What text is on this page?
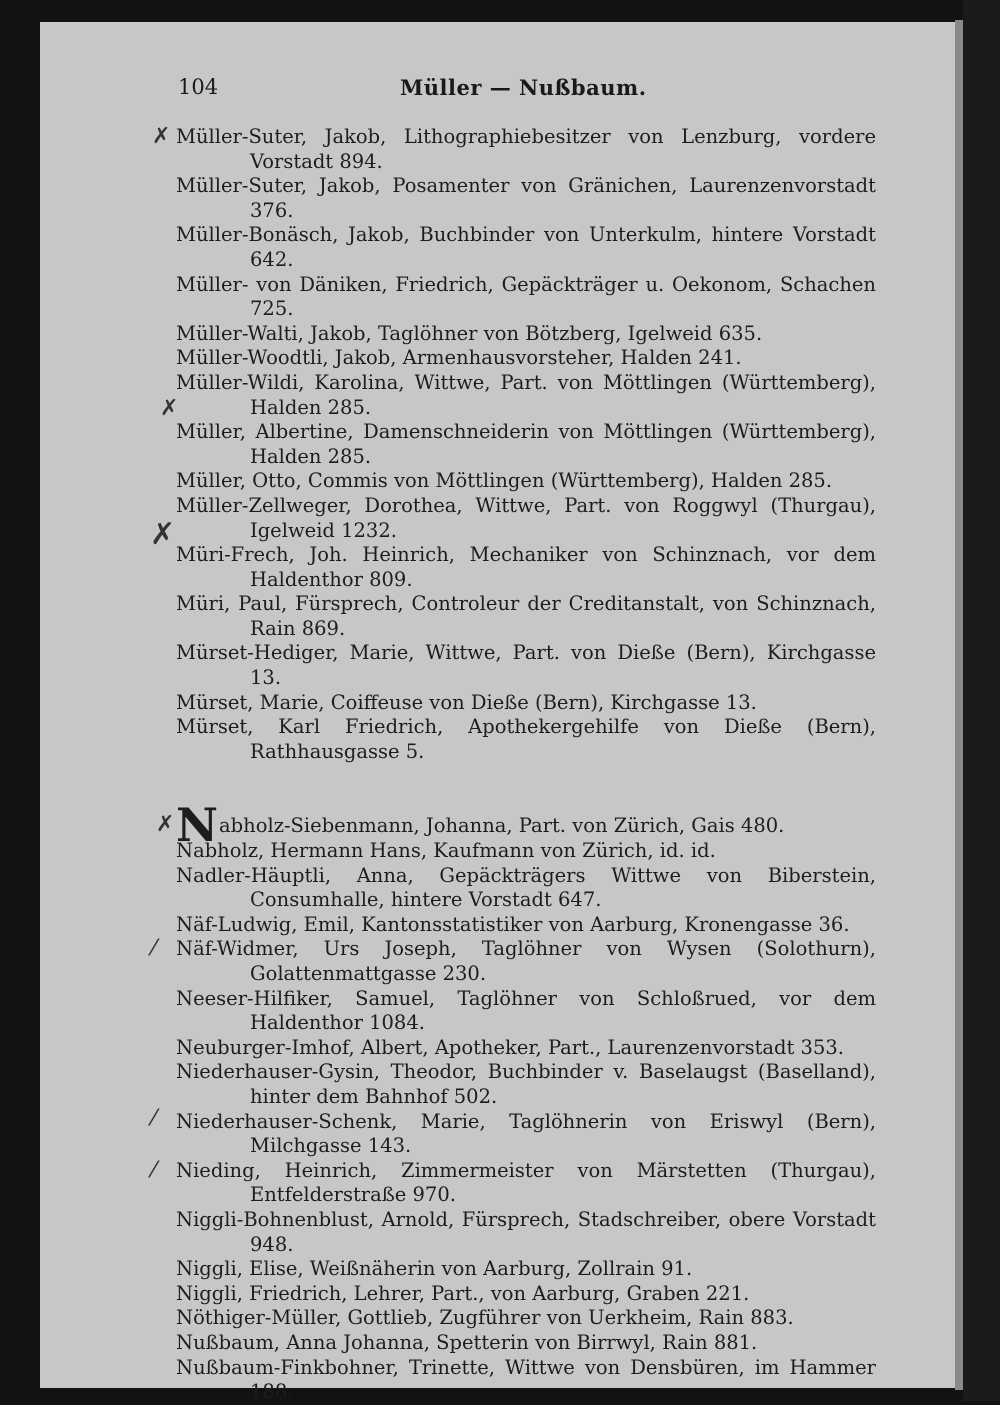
104	Müller — Nußbaum.

Müller-Suter, Jakob, Lithographiebesitzer von Lenzburg, vordere Vorstadt 894.

Müller-Suter, Jakob, Posamenter von Gränichen, Laurenzenvorstadt 376.

Müller-Bonäsch, Jakob, Buchbinder von Unterkulm, hintere Vorstadt 642.

Müller- von Däniken, Friedrich, Gepäckträger u. Oekonom, Schachen 725.

Müller-Walti, Jakob, Taglöhner von Bötzberg, Igelweid 635.

Müller-Woodtli, Jakob, Armenhausvorsteher, Halden 241.

Müller-Wildi, Karolina, Wittwe, Part. von Möttlingen (Württemberg), Halden 285.

Müller, Albertine, Damenschneiderin von Möttlingen (Württemberg), Halden 285.

Müller, Otto, Commis von Möttlingen (Württemberg), Halden 285.

Müller-Zellweger, Dorothea, Wittwe, Part. von Roggwyl (Thurgau), Igelweid 1232.

Müri-Frech, Joh. Heinrich, Mechaniker von Schinznach, vor dem Haldenthor 809.

Müri, Paul, Fürsprech, Controleur der Creditanstalt, von Schinznach, Rain 869.

Mürset-Hediger, Marie, Wittwe, Part. von Dieße (Bern), Kirchgasse 13.

Mürset, Marie, Coiffeuse von Dieße (Bern), Kirchgasse 13.

Mürset, Karl Friedrich, Apothekergehilfe von Dieße (Bern), Rathhausgasse 5.

Nabholz-Siebenmann, Johanna, Part. von Zürich, Gais 480.

Nabholz, Hermann Hans, Kaufmann von Zürich, id. id.

Nadler-Häuptli, Anna, Gepäckträgers Wittwe von Biberstein, Consumhalle, hintere Vorstadt 647.

Näf-Ludwig, Emil, Kantonsstatistiker von Aarburg, Kronengasse 36.

Näf-Widmer, Urs Joseph, Taglöhner von Wysen (Solothurn), Golattenmattgasse 230.

Neeser-Hilfiker, Samuel, Taglöhner von Schloßrued, vor dem Haldenthor 1084.

Neuburger-Imhof, Albert, Apotheker, Part., Laurenzenvorstadt 353.

Niederhauser-Gysin, Theodor, Buchbinder v. Baselaugst (Baselland), hinter dem Bahnhof 502.

Niederhauser-Schenk, Marie, Taglöhnerin von Eriswyl (Bern), Milchgasse 143.

Nieding, Heinrich, Zimmermeister von Märstetten (Thurgau), Entfelderstraße 970.

Niggli-Bohnenblust, Arnold, Fürsprech, Stadschreiber, obere Vorstadt 948.

Niggli, Elise, Weißnäherin von Aarburg, Zollrain 91.

Niggli, Friedrich, Lehrer, Part., von Aarburg, Graben 221.

Nöthiger-Müller, Gottlieb, Zugführer von Uerkheim, Rain 883.

Nußbaum, Anna Johanna, Spetterin von Birrwyl, Rain 881.

Nußbaum-Finkbohner, Trinette, Wittwe von Densbüren, im Hammer 188.

✗
✗
✗
✗
⁄
⁄
⁄
